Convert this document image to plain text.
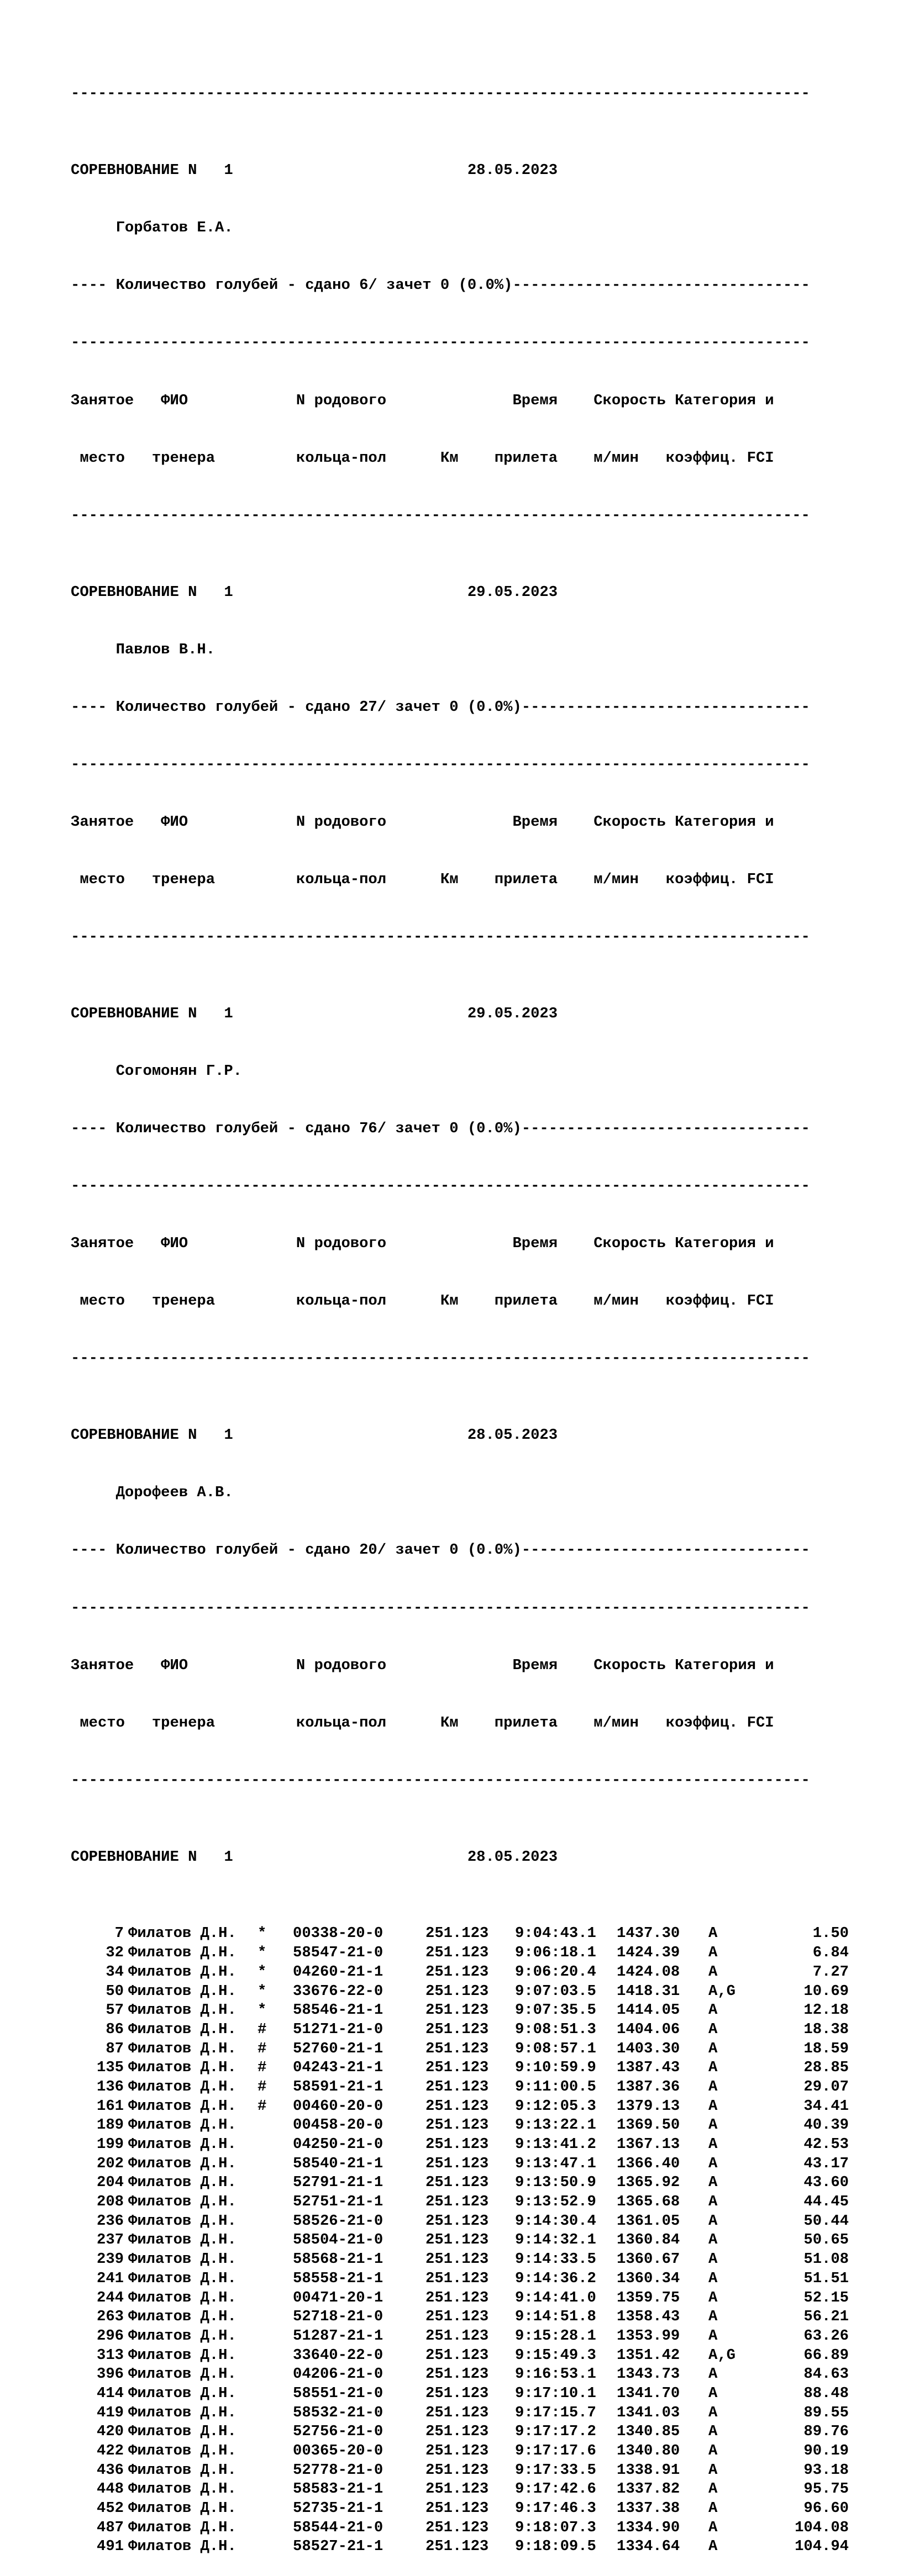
----------------------------------------------------------------------------------

СОРЕВНОВАНИЕ N   1                          28.05.2023

Горбатов Е.А.

---- Количество голубей - сдано 6/ зачет 0 (0.0%)---------------------------------

----------------------------------------------------------------------------------

Занятое   ФИО            N родового              Время    Скорость Категория и

место   тренера         кольца-пол      Км    прилета    м/мин   коэффиц. FCI

----------------------------------------------------------------------------------

СОРЕВНОВАНИЕ N   1                          29.05.2023

Павлов В.Н.

---- Количество голубей - сдано 27/ зачет 0 (0.0%)--------------------------------

----------------------------------------------------------------------------------

Занятое   ФИО            N родового              Время    Скорость Категория и

место   тренера         кольца-пол      Км    прилета    м/мин   коэффиц. FCI

----------------------------------------------------------------------------------

СОРЕВНОВАНИЕ N   1                          29.05.2023

Согомонян Г.Р.

---- Количество голубей - сдано 76/ зачет 0 (0.0%)--------------------------------

----------------------------------------------------------------------------------

Занятое   ФИО            N родового              Время    Скорость Категория и

место   тренера         кольца-пол      Км    прилета    м/мин   коэффиц. FCI

----------------------------------------------------------------------------------

СОРЕВНОВАНИЕ N   1                          28.05.2023

Дорофеев А.В.

---- Количество голубей - сдано 20/ зачет 0 (0.0%)--------------------------------

----------------------------------------------------------------------------------

Занятое   ФИО            N родового              Время    Скорость Категория и

место   тренера         кольца-пол      Км    прилета    м/мин   коэффиц. FCI

----------------------------------------------------------------------------------

СОРЕВНОВАНИЕ N   1                          28.05.2023

7 Филатов Д.Н. * 00338-20-0	251.123 9:04:43.1 1437.30 A	1.50
32 Филатов Д.Н. * 58547-21-0	251.123 9:06:18.1 1424.39 A	6.84
34 Филатов Д.Н. * 04260-21-1	251.123 9:06:20.4 1424.08 A	7.27
50 Филатов Д.Н. * 33676-22-0	251.123 9:07:03.5 1418.31 A,G	10.69
57 Филатов Д.Н. * 58546-21-1	251.123 9:07:35.5 1414.05 A	12.18
86 Филатов Д.Н. # 51271-21-0	251.123 9:08:51.3 1404.06 A	18.38
87 Филатов Д.Н. # 52760-21-1	251.123 9:08:57.1 1403.30 A	18.59
135 Филатов Д.Н. # 04243-21-1	251.123 9:10:59.9 1387.43 A	28.85
136 Филатов Д.Н. # 58591-21-1	251.123 9:11:00.5 1387.36 A	29.07
161 Филатов Д.Н. # 00460-20-0	251.123 9:12:05.3 1379.13 A	34.41
189 Филатов Д.Н.	00458-20-0	251.123 9:13:22.1 1369.50 A	40.39
199 Филатов Д.Н.	04250-21-0	251.123 9:13:41.2 1367.13 A	42.53
202 Филатов Д.Н.	58540-21-1	251.123 9:13:47.1 1366.40 A	43.17
204 Филатов Д.Н.	52791-21-1	251.123 9:13:50.9 1365.92 A	43.60
208 Филатов Д.Н.	52751-21-1	251.123 9:13:52.9 1365.68 A	44.45
236 Филатов Д.Н.	58526-21-0	251.123 9:14:30.4 1361.05 A	50.44
237 Филатов Д.Н.	58504-21-0	251.123 9:14:32.1 1360.84 A	50.65
239 Филатов Д.Н.	58568-21-1	251.123 9:14:33.5 1360.67 A	51.08
241 Филатов Д.Н.	58558-21-1	251.123 9:14:36.2 1360.34 A	51.51
244 Филатов Д.Н.	00471-20-1	251.123 9:14:41.0 1359.75 A	52.15
263 Филатов Д.Н.	52718-21-0	251.123 9:14:51.8 1358.43 A	56.21
296 Филатов Д.Н.	51287-21-1	251.123 9:15:28.1 1353.99 A	63.26
313 Филатов Д.Н.	33640-22-0	251.123 9:15:49.3 1351.42 A,G	66.89
396 Филатов Д.Н.	04206-21-0	251.123 9:16:53.1 1343.73 A	84.63
414 Филатов Д.Н.	58551-21-0	251.123 9:17:10.1 1341.70 A	88.48
419 Филатов Д.Н.	58532-21-0	251.123 9:17:15.7 1341.03 A	89.55
420 Филатов Д.Н.	52756-21-0	251.123 9:17:17.2 1340.85 A	89.76
422 Филатов Д.Н.	00365-20-0	251.123 9:17:17.6 1340.80 A	90.19
436 Филатов Д.Н.	52778-21-0	251.123 9:17:33.5 1338.91 A	93.18
448 Филатов Д.Н.	58583-21-1	251.123 9:17:42.6 1337.82 A	95.75
452 Филатов Д.Н.	52735-21-1	251.123 9:17:46.3 1337.38 A	96.60
487 Филатов Д.Н.	58544-21-0	251.123 9:18:07.3 1334.90 A	104.08
491 Филатов Д.Н.	58527-21-1	251.123 9:18:09.5 1334.64 A	104.94
